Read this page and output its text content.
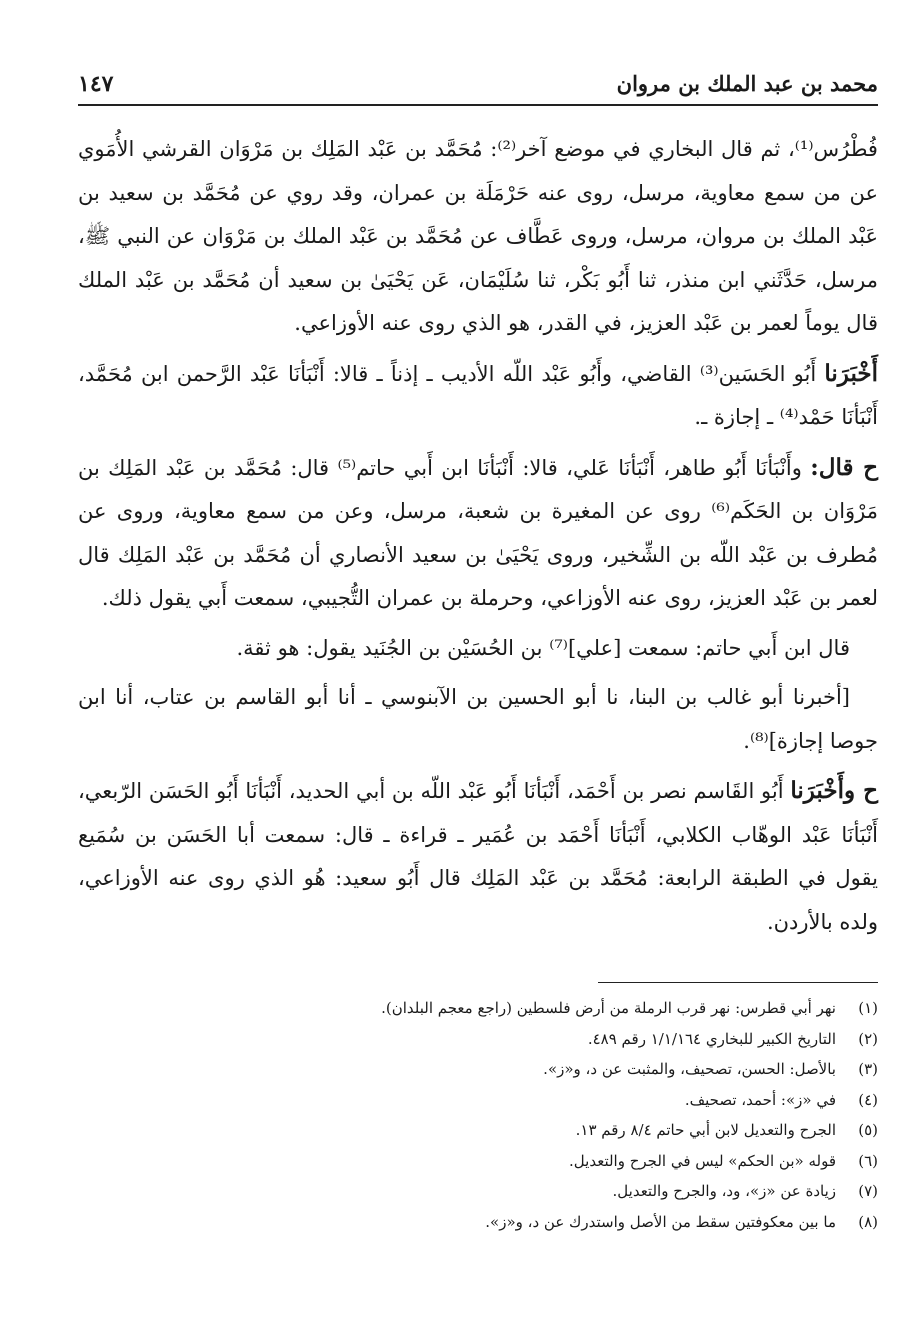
محمد بن عبد الملك بن مروان
١٤٧

فُطْرُس⁽¹⁾، ثم قال البخاري في موضع آخر⁽²⁾: مُحَمَّد بن عَبْد المَلِك بن مَرْوَان القرشي الأُمَوي عن من سمع معاوية، مرسل، روى عنه حَرْمَلَة بن عمران، وقد روي عن مُحَمَّد بن سعيد بن عَبْد الملك بن مروان، مرسل، وروى عَطَّاف عن مُحَمَّد بن عَبْد الملك بن مَرْوَان عن النبي ﷺ، مرسل، حَدَّثَني ابن منذر، ثنا أَبُو بَكْر، ثنا سُلَيْمَان، عَن يَحْيَىٰ بن سعيد أن مُحَمَّد بن عَبْد الملك قال يوماً لعمر بن عَبْد العزيز، في القدر، هو الذي روى عنه الأوزاعي.

أَخْبَرَنا أَبُو الحَسَين⁽³⁾ القاضي، وأَبُو عَبْد اللّه الأديب ـ إذناً ـ قالا: أَنْبَأنَا عَبْد الرَّحمن ابن مُحَمَّد، أَنْبَأنَا حَمْد⁽⁴⁾ ـ إجازة ـ.

ح قال: وأَنْبَأنَا أَبُو طاهر، أَنْبَأنَا عَلي، قالا: أَنْبَأنَا ابن أَبي حاتم⁽⁵⁾ قال: مُحَمَّد بن عَبْد المَلِك بن مَرْوَان بن الحَكَم⁽⁶⁾ روى عن المغيرة بن شعبة، مرسل، وعن من سمع معاوية، وروى عن مُطرف بن عَبْد اللّه بن الشِّخير، وروى يَحْيَىٰ بن سعيد الأنصاري أن مُحَمَّد بن عَبْد المَلِك قال لعمر بن عَبْد العزيز، روى عنه الأوزاعي، وحرملة بن عمران التُّجيبي، سمعت أَبي يقول ذلك.

قال ابن أَبي حاتم: سمعت [علي]⁽⁷⁾ بن الحُسَيْن بن الجُنَيد يقول: هو ثقة.

[أخبرنا أبو غالب بن البنا، نا أبو الحسين بن الآبنوسي ـ أنا أبو القاسم بن عتاب، أنا ابن جوصا إجازة]⁽⁸⁾.

ح وأَخْبَرَنا أَبُو القَاسم نصر بن أَحْمَد، أَنْبَأنَا أَبُو عَبْد اللّه بن أبي الحديد، أَنْبَأنَا أَبُو الحَسَن الرّبعي، أَنْبَأنَا عَبْد الوهّاب الكلابي، أَنْبَأنَا أَحْمَد بن عُمَير ـ قراءة ـ قال: سمعت أبا الحَسَن بن سُمَيع يقول في الطبقة الرابعة: مُحَمَّد بن عَبْد المَلِك قال أَبُو سعيد: هُو الذي روى عنه الأوزاعي، ولده بالأردن.

(١)
نهر أبي قطرس: نهر قرب الرملة من أرض فلسطين (راجع معجم البلدان).
(٢)
التاريخ الكبير للبخاري ١/١/١٦٤ رقم ٤٨٩.
(٣)
بالأصل: الحسن، تصحيف، والمثبت عن د، و«ز».
(٤)
في «ز»: أحمد، تصحيف.
(٥)
الجرح والتعديل لابن أبي حاتم ٨/٤ رقم ١٣.
(٦)
قوله «بن الحكم» ليس في الجرح والتعديل.
(٧)
زيادة عن «ز»، ود، والجرح والتعديل.
(٨)
ما بين معكوفتين سقط من الأصل واستدرك عن د، و«ز».
